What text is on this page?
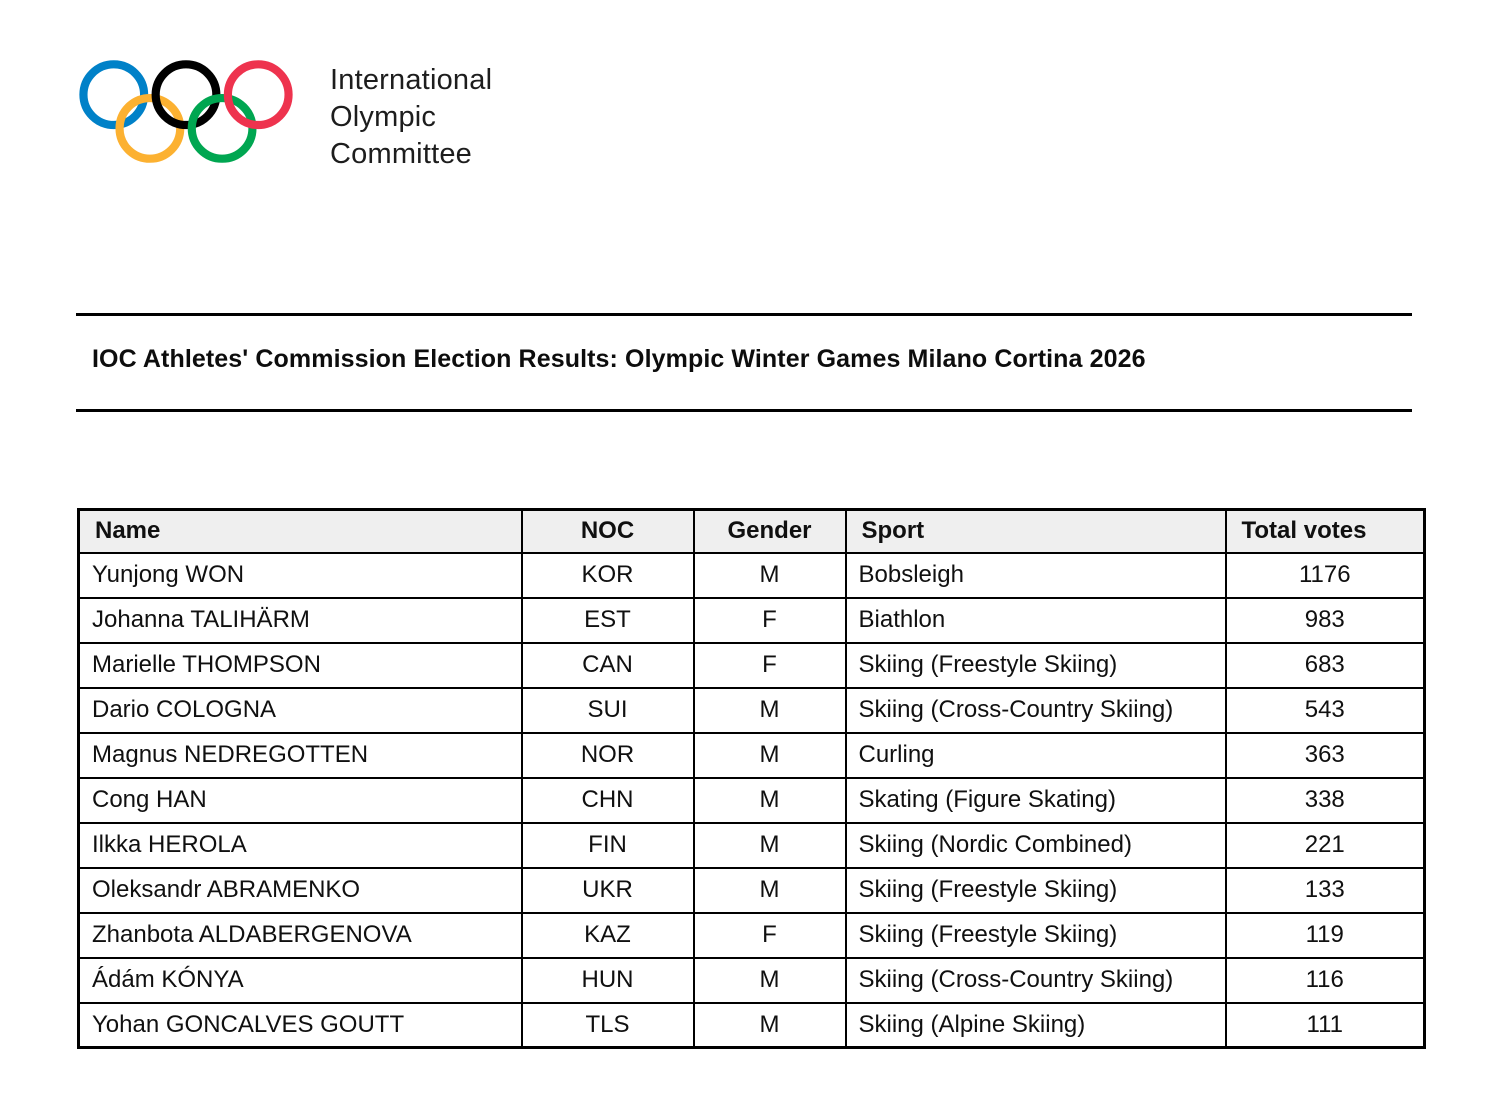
International
Olympic
Committee
IOC Athletes' Commission Election Results: Olympic Winter Games Milano Cortina 2026
Name	NOC	Gender	Sport	Total votes
Yunjong WON	KOR	M	Bobsleigh	1176
Johanna TALIHÄRM	EST	F	Biathlon	983
Marielle THOMPSON	CAN	F	Skiing (Freestyle Skiing)	683
Dario COLOGNA	SUI	M	Skiing (Cross-Country Skiing)	543
Magnus NEDREGOTTEN	NOR	M	Curling	363
Cong HAN	CHN	M	Skating (Figure Skating)	338
Ilkka HEROLA	FIN	M	Skiing (Nordic Combined)	221
Oleksandr ABRAMENKO	UKR	M	Skiing (Freestyle Skiing)	133
Zhanbota ALDABERGENOVA	KAZ	F	Skiing (Freestyle Skiing)	119
Ádám KÓNYA	HUN	M	Skiing (Cross-Country Skiing)	116
Yohan GONCALVES GOUTT	TLS	M	Skiing (Alpine Skiing)	111
